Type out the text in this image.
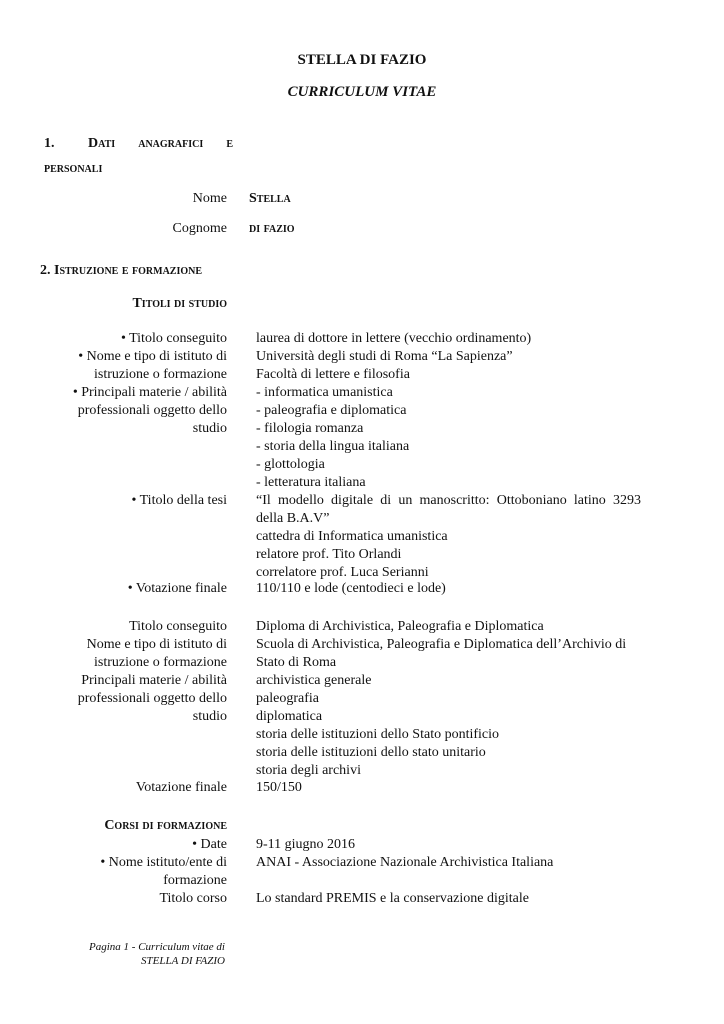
STELLA DI FAZIO
CURRICULUM VITAE
1. Dati anagrafici e
personali
Nome Stella
Cognome di fazio
2. Istruzione e formazione
Titoli di studio
• Titolo conseguito laurea di dottore in lettere (vecchio ordinamento)
• Nome e tipo di istituto di
istruzione o formazione
Università degli studi di Roma “La Sapienza”
Facoltà di lettere e filosofia
• Principali materie / abilità
professionali oggetto dello
studio
- informatica umanistica
- paleografia e diplomatica
- filologia romanza
- storia della lingua italiana
- glottologia
- letteratura italiana
• Titolo della tesi “Il modello digitale di un manoscritto: Ottoboniano latino 3293 della B.A.V”
cattedra di Informatica umanistica
relatore prof. Tito Orlandi
correlatore prof. Luca Serianni
• Votazione finale 110/110 e lode (centodieci e lode)
Titolo conseguito Diploma di Archivistica, Paleografia e Diplomatica
Nome e tipo di istituto di
istruzione o formazione
Scuola di Archivistica, Paleografia e Diplomatica dell’Archivio di Stato di Roma
Principali materie / abilità
professionali oggetto dello
studio
archivistica generale
paleografia
diplomatica
storia delle istituzioni dello Stato pontificio
storia delle istituzioni dello stato unitario
storia degli archivi
Votazione finale 150/150
Corsi di formazione
• Date 9-11 giugno 2016
• Nome istituto/ente di
formazione
ANAI - Associazione Nazionale Archivistica Italiana
Titolo corso Lo standard PREMIS e la conservazione digitale
Pagina 1 - Curriculum vitae di
STELLA DI FAZIO
